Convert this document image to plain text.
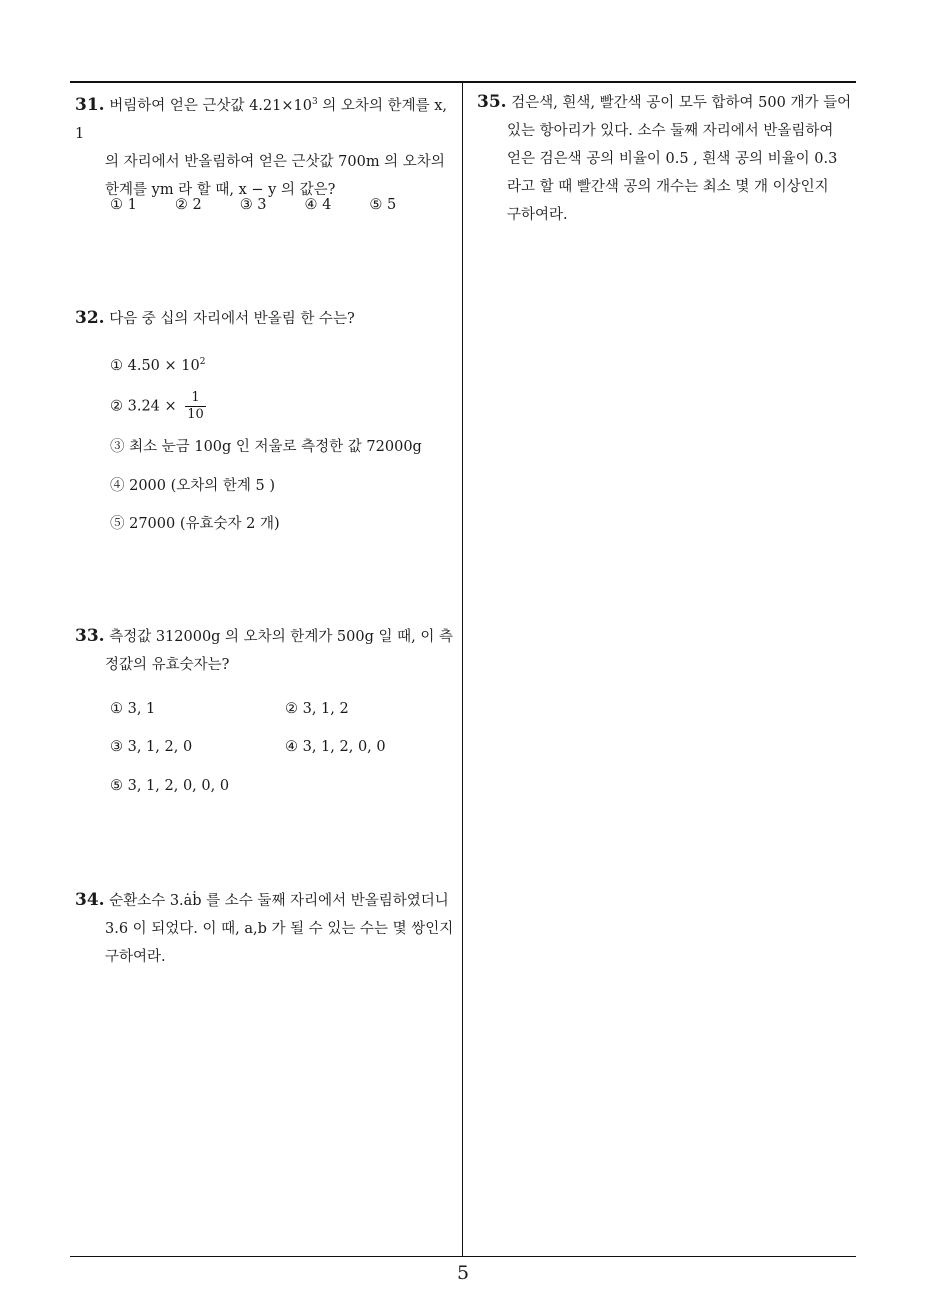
31. 버림하여 얻은 근삿값 $4.21\times 10^3$ 의 오차의 한계를 x, 1
의 자리에서 반올림하여 얻은 근삿값 700m 의 오차의
한계를 ym 라 할 때, x − y 의 값은?
① 1	② 2	③ 3	④ 4	⑤ 5
32. 다음 중 십의 자리에서 반올림 한 수는?
① $4.50 \times 10^2$
② $3.24 \times \frac{1}{10}$
③ 최소 눈금 100g 인 저울로 측정한 값 72000g
④ 2000 (오차의 한계 5 )
⑤ 27000 (유효숫자 2 개)
33. 측정값 312000g 의 오차의 한계가 500g 일 때, 이 측
정값의 유효숫자는?
① 3, 1	② 3, 1, 2
③ 3, 1, 2, 0	④ 3, 1, 2, 0, 0
⑤ 3, 1, 2, 0, 0, 0
34. 순환소수 3.ȧḃ 를 소수 둘째 자리에서 반올림하였더니
3.6 이 되었다. 이 때, a,b 가 될 수 있는 수는 몇 쌍인지
구하여라.
35. 검은색, 흰색, 빨간색 공이 모두 합하여 500 개가 들어
있는 항아리가 있다. 소수 둘째 자리에서 반올림하여
얻은 검은색 공의 비율이 0.5 , 흰색 공의 비율이 0.3
라고 할 때 빨간색 공의 개수는 최소 몇 개 이상인지
구하여라.
5
